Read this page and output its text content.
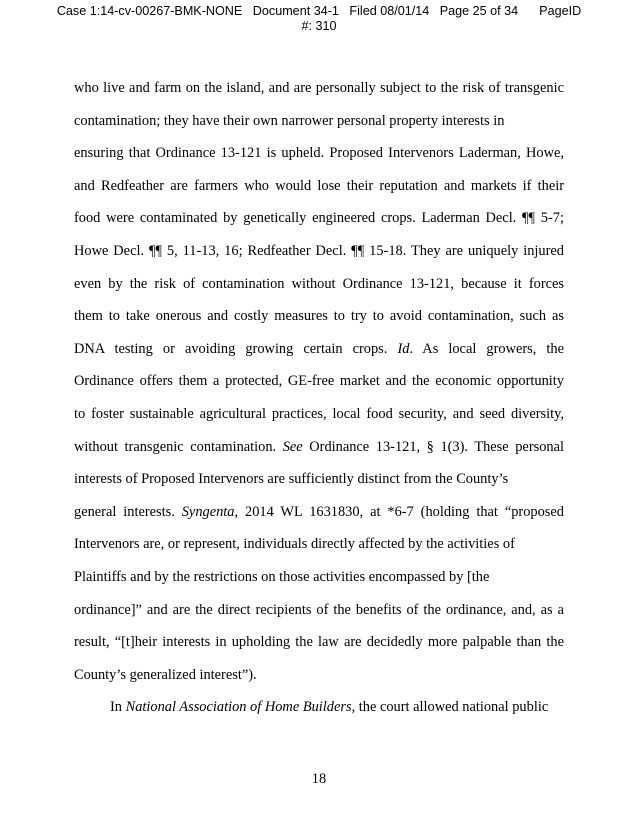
Case 1:14-cv-00267-BMK-NONE Document 34-1 Filed 08/01/14 Page 25 of 34 PageID
#: 310
who live and farm on the island, and are personally subject to the risk of transgenic
contamination; they have their own narrower personal property interests in
ensuring that Ordinance 13-121 is upheld. Proposed Intervenors Laderman, Howe,
and Redfeather are farmers who would lose their reputation and markets if their
food were contaminated by genetically engineered crops. Laderman Decl. ¶¶ 5-7;
Howe Decl. ¶¶ 5, 11-13, 16; Redfeather Decl. ¶¶ 15-18. They are uniquely injured
even by the risk of contamination without Ordinance 13-121, because it forces
them to take onerous and costly measures to try to avoid contamination, such as
DNA testing or avoiding growing certain crops. Id. As local growers, the
Ordinance offers them a protected, GE-free market and the economic opportunity
to foster sustainable agricultural practices, local food security, and seed diversity,
without transgenic contamination. See Ordinance 13-121, § 1(3). These personal
interests of Proposed Intervenors are sufficiently distinct from the County’s
general interests. Syngenta, 2014 WL 1631830, at *6-7 (holding that “proposed
Intervenors are, or represent, individuals directly affected by the activities of
Plaintiffs and by the restrictions on those activities encompassed by [the
ordinance]” and are the direct recipients of the benefits of the ordinance, and, as a
result, “[t]heir interests in upholding the law are decidedly more palpable than the
County’s generalized interest”).
In National Association of Home Builders, the court allowed national public
18
